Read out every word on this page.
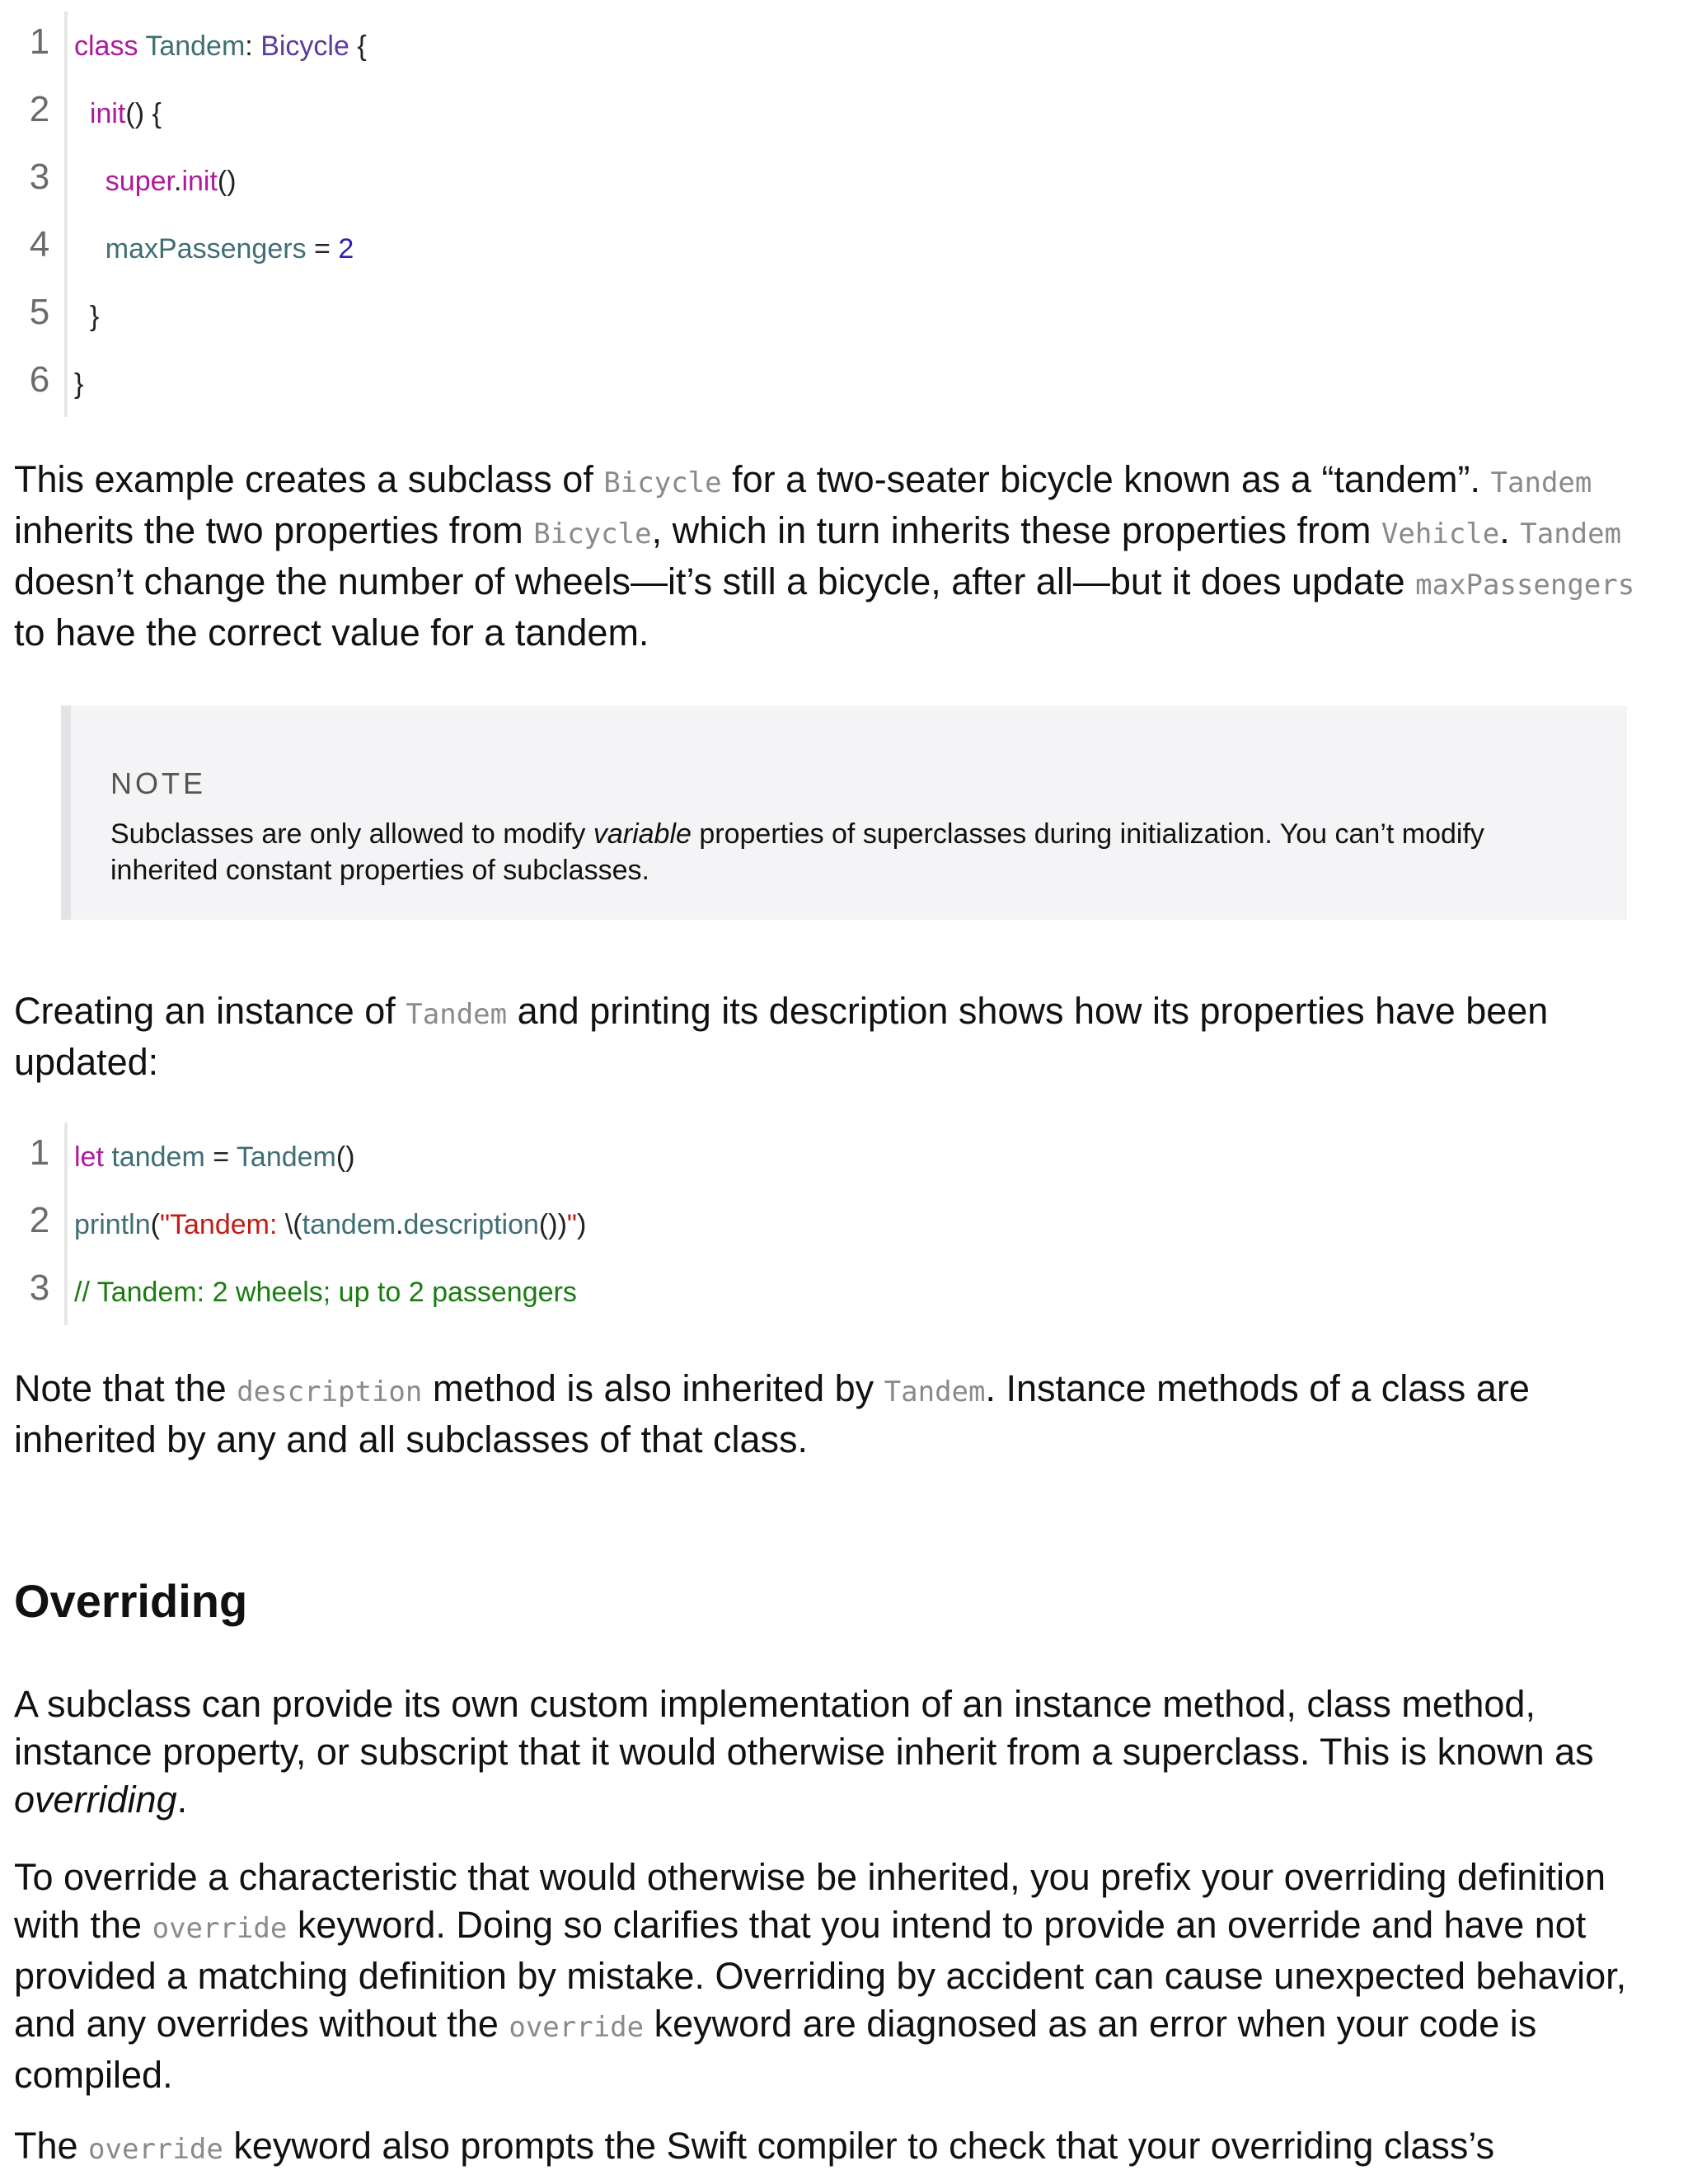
1 class Tandem: Bicycle {
2	init() {
3	super.init()
4	maxPassengers = 2
5	}
6 }

This example creates a subclass of Bicycle for a two-seater bicycle known as a “tandem”. Tandem inherits the two properties from Bicycle, which in turn inherits these properties from Vehicle. Tandem doesn’t change the number of wheels—it’s still a bicycle, after all—but it does update maxPassengers to have the correct value for a tandem.

NOTE
Subclasses are only allowed to modify variable properties of superclasses during initialization. You can’t modify inherited constant properties of subclasses.

Creating an instance of Tandem and printing its description shows how its properties have been updated:

1 let tandem = Tandem()
2 println("Tandem: \(tandem.description())")
3 // Tandem: 2 wheels; up to 2 passengers

Note that the description method is also inherited by Tandem. Instance methods of a class are inherited by any and all subclasses of that class.

Overriding

A subclass can provide its own custom implementation of an instance method, class method, instance property, or subscript that it would otherwise inherit from a superclass. This is known as overriding.

To override a characteristic that would otherwise be inherited, you prefix your overriding definition with the override keyword. Doing so clarifies that you intend to provide an override and have not provided a matching definition by mistake. Overriding by accident can cause unexpected behavior, and any overrides without the override keyword are diagnosed as an error when your code is compiled.

The override keyword also prompts the Swift compiler to check that your overriding class’s
